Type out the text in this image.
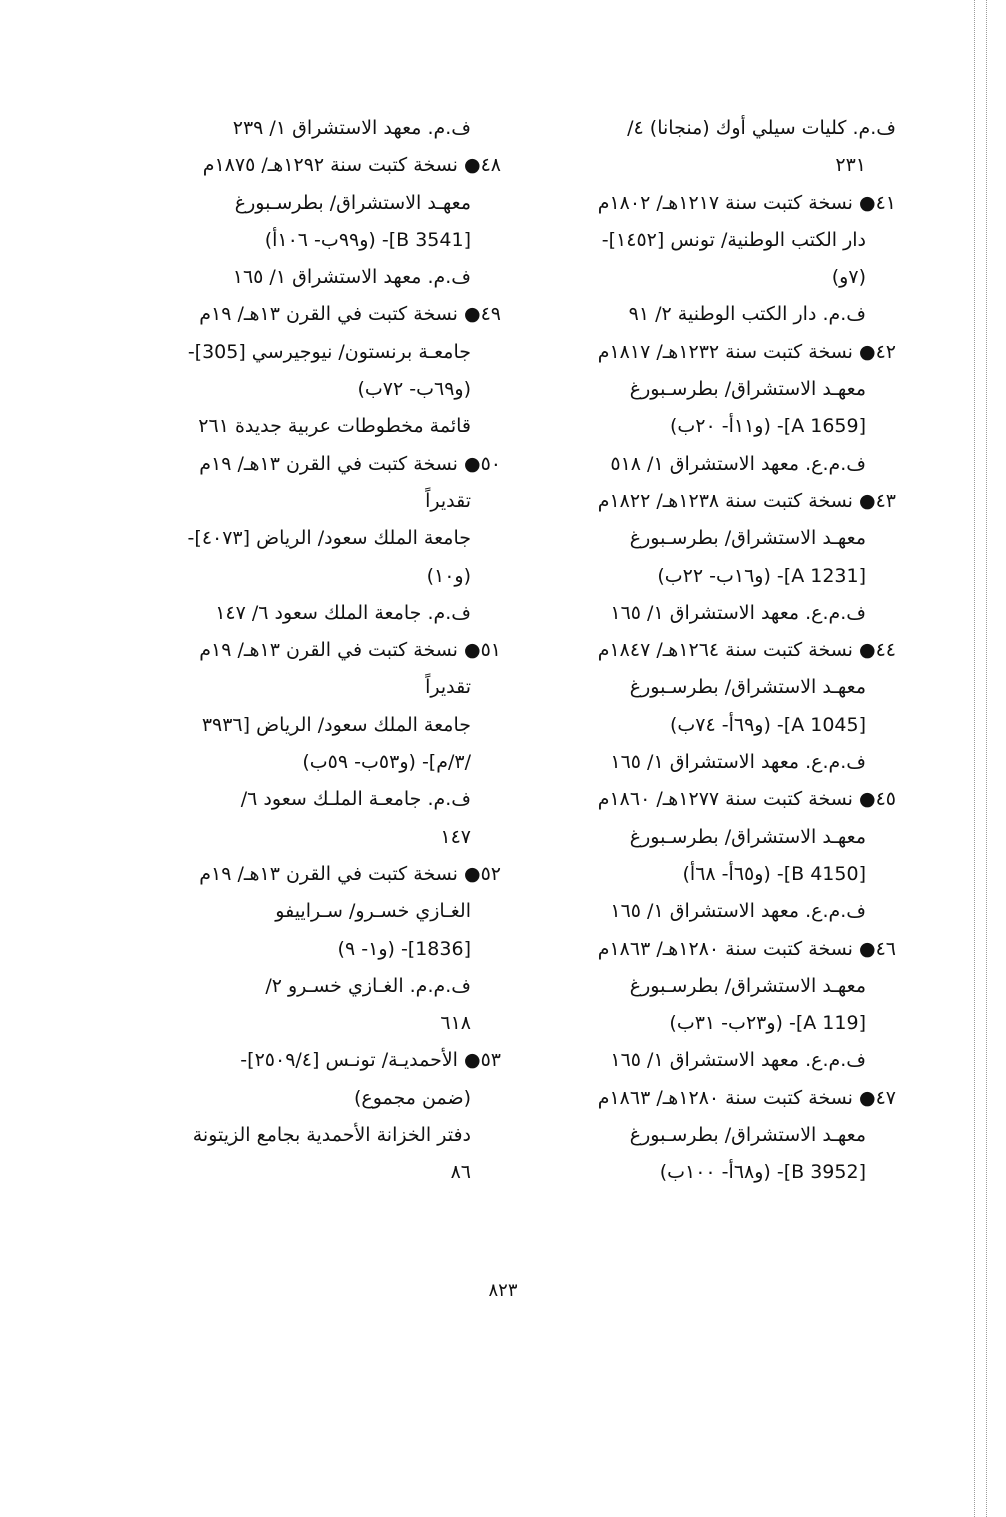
ف.م. كليات سيلي أوك (منجانا) ٤/
٢٣١
٤١● نسخة كتبت سنة ١٢١٧هـ/ ١٨٠٢م
دار الكتب الوطنية/ تونس [١٤٥٢]-
(٧و)
ف.م. دار الكتب الوطنية ٢/ ٩١
٤٢● نسخة كتبت سنة ١٢٣٢هـ/ ١٨١٧م
معهـد الاستشراق/ بطرسـبورغ
[A 1659]- (و١١أ- ٢٠ب)
ف.م.ع. معهد الاستشراق ١/ ٥١٨
٤٣● نسخة كتبت سنة ١٢٣٨هـ/ ١٨٢٢م
معهـد الاستشراق/ بطرسـبورغ
[A 1231]- (و١٦ب- ٢٢ب)
ف.م.ع. معهد الاستشراق ١/ ١٦٥
٤٤● نسخة كتبت سنة ١٢٦٤هـ/ ١٨٤٧م
معهـد الاستشراق/ بطرسـبورغ
[A 1045]- (و٦٩أ- ٧٤ب)
ف.م.ع. معهد الاستشراق ١/ ١٦٥
٤٥● نسخة كتبت سنة ١٢٧٧هـ/ ١٨٦٠م
معهـد الاستشراق/ بطرسـبورغ
[B 4150]- (و٦٥أ- ٦٨أ)
ف.م.ع. معهد الاستشراق ١/ ١٦٥
٤٦● نسخة كتبت سنة ١٢٨٠هـ/ ١٨٦٣م
معهـد الاستشراق/ بطرسـبورغ
[A 119]- (و٢٣ب- ٣١ب)
ف.م.ع. معهد الاستشراق ١/ ١٦٥
٤٧● نسخة كتبت سنة ١٢٨٠هـ/ ١٨٦٣م
معهـد الاستشراق/ بطرسـبورغ
[B 3952]- (و٦٨أ- ١٠٠ب)
ف.م. معهد الاستشراق ١/ ٢٣٩
٤٨● نسخة كتبت سنة ١٢٩٢هـ/ ١٨٧٥م
معهـد الاستشراق/ بطرسـبورغ
[B 3541]- (و٩٩ب- ١٠٦أ)
ف.م. معهد الاستشراق ١/ ١٦٥
٤٩● نسخة كتبت في القرن ١٣هـ/ ١٩م
جامعـة برنستون/ نيوجيرسي [305]-
(و٦٩ب- ٧٢ب)
قائمة مخطوطات عربية جديدة ٢٦١
٥٠● نسخة كتبت في القرن ١٣هـ/ ١٩م
تقديراً
جامعة الملك سعود/ الرياض [٤٠٧٣]-
(و١٠)
ف.م. جامعة الملك سعود ٦/ ١٤٧
٥١● نسخة كتبت في القرن ١٣هـ/ ١٩م
تقديراً
جامعة الملك سعود/ الرياض [٣٩٣٦
/٣/م]- (و٥٣ب- ٥٩ب)
ف.م. جامعـة الملـك سعود ٦/
١٤٧
٥٢● نسخة كتبت في القرن ١٣هـ/ ١٩م
الغـازي خسـرو/ سـراييفو
[1836]- (و١- ٩)
ف.م.م. الغـازي خسـرو ٢/
٦١٨
٥٣● الأحمديـة/ تونـس [٢٥٠٩/٤]-
(ضمن مجموع)
دفتر الخزانة الأحمدية بجامع الزيتونة
٨٦
٨٢٣
